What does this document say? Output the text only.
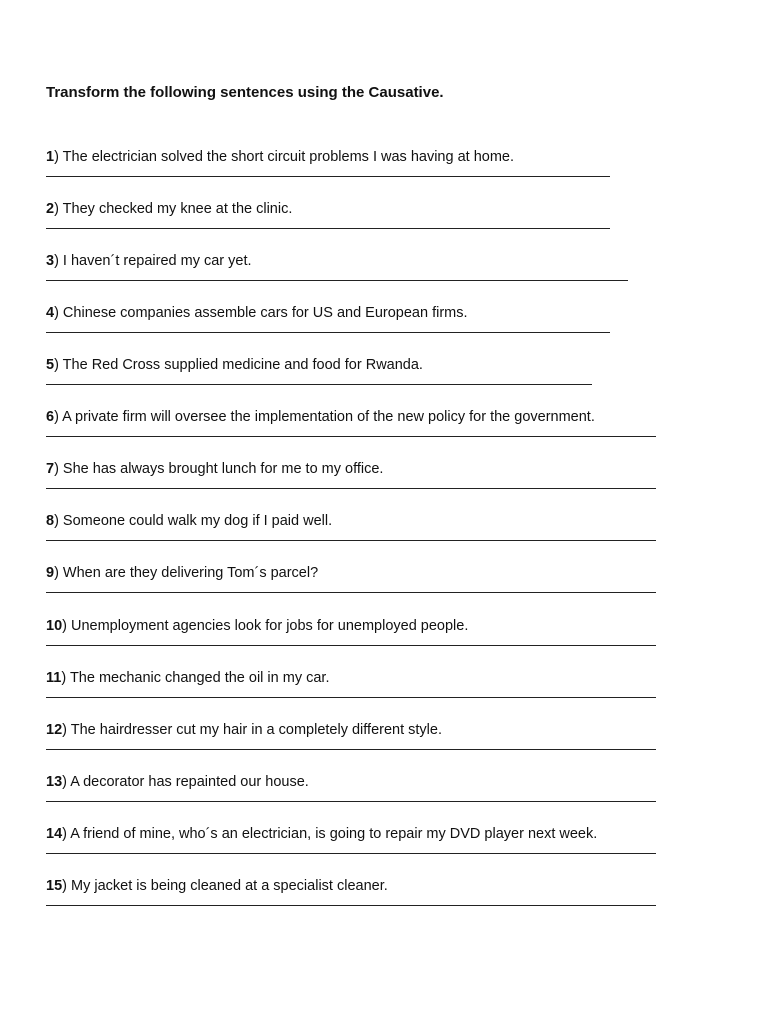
Transform the following sentences using the Causative.
1) The electrician solved the short circuit problems I was having at home.
2) They checked my knee at the clinic.
3) I haven´t repaired my car yet.
4) Chinese companies assemble cars for US and European firms.
5) The Red Cross supplied medicine and food for Rwanda.
6) A private firm will oversee the implementation of the new policy for the government.
7) She has always brought lunch for me to my office.
8) Someone could walk my dog if I paid well.
9) When are they delivering Tom´s parcel?
10) Unemployment agencies look for jobs for unemployed people.
11) The mechanic changed the oil in my car.
12) The hairdresser cut my hair in a completely different style.
13) A decorator has repainted our house.
14) A friend of mine, who´s an electrician, is going to repair my DVD player next week.
15) My jacket is being cleaned at a specialist cleaner.
